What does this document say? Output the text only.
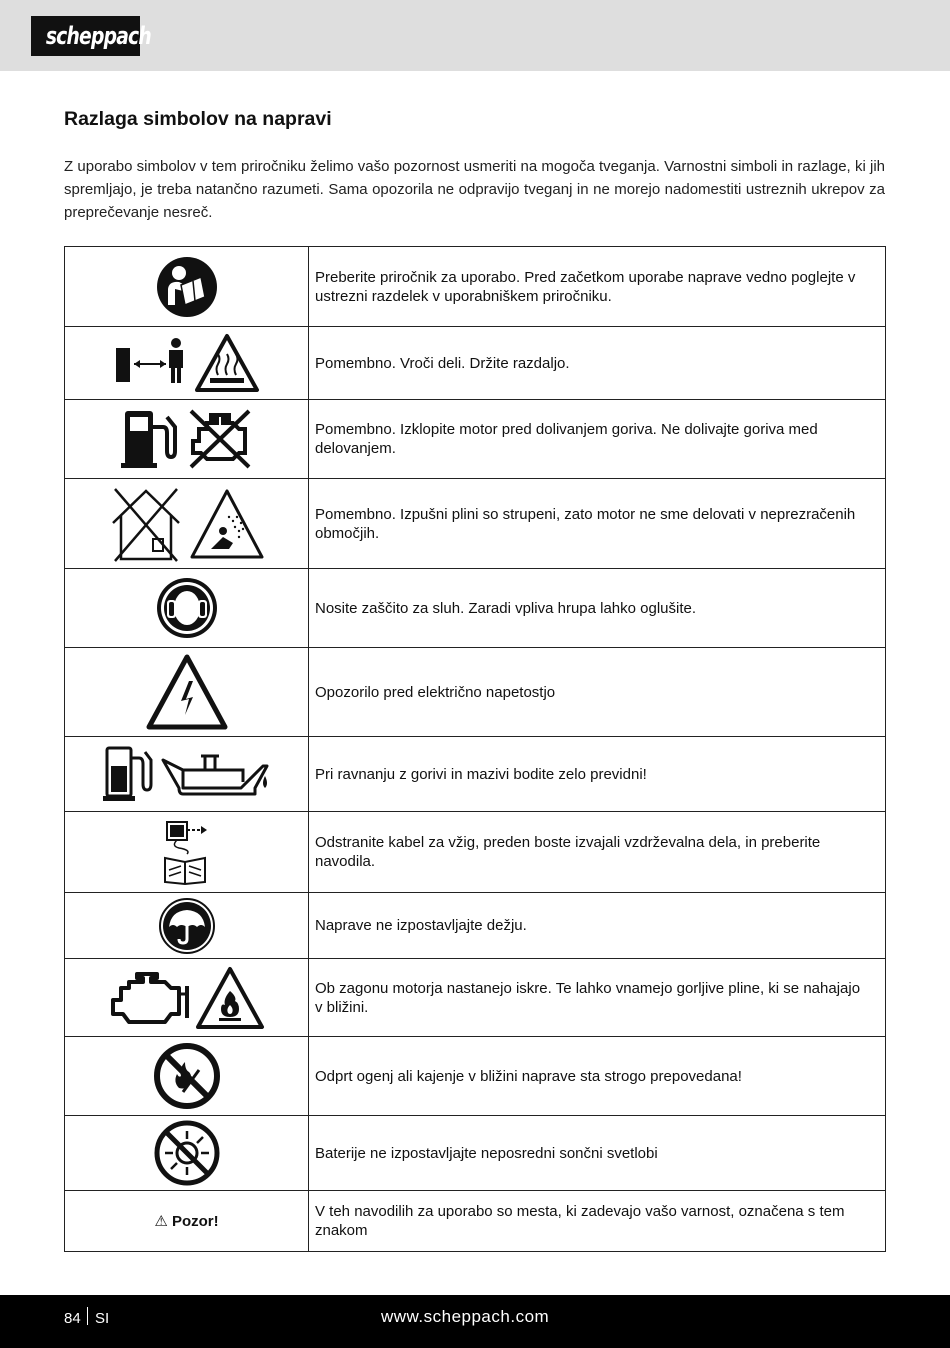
scheppach
Razlaga simbolov na napravi

Z uporabo simbolov v tem priročniku želimo vašo pozornost usmeriti na mogoča tveganja. Varnostni simboli in razlage, ki jih spremljajo, je treba natančno razumeti. Sama opozorila ne odpravijo tveganj in ne morejo nadomestiti ustreznih ukrepov za preprečevanje nesreč.

	Preberite priročnik za uporabo. Pred začetkom uporabe naprave vedno poglejte v ustrezni razdelek v uporabniškem priročniku.

	Pomembno. Vroči deli. Držite razdaljo.

	Pomembno. Izklopite motor pred dolivanjem goriva. Ne dolivajte goriva med delovanjem.

	Pomembno. Izpušni plini so strupeni, zato motor ne sme delovati v neprezračenih območjih.

	Nosite zaščito za sluh. Zaradi vpliva hrupa lahko oglušite.

	Opozorilo pred električno napetostjo

	Pri ravnanju z gorivi in mazivi bodite zelo previdni!

	Odstranite kabel za vžig, preden boste izvajali vzdrževalna dela, in preberite navodila.

	Naprave ne izpostavljajte dežju.

	Ob zagonu motorja nastanejo iskre. Te lahko vnamejo gorljive pline, ki se nahajajo v bližini.

	Odprt ogenj ali kajenje v bližini naprave sta strogo prepovedana!

	Baterije ne izpostavljajte neposredni sončni svetlobi
⚠ Pozor!	V teh navodilih za uporabo so mesta, ki zadevajo vašo varnost, označena s tem znakom
84 SI	www.scheppach.com
